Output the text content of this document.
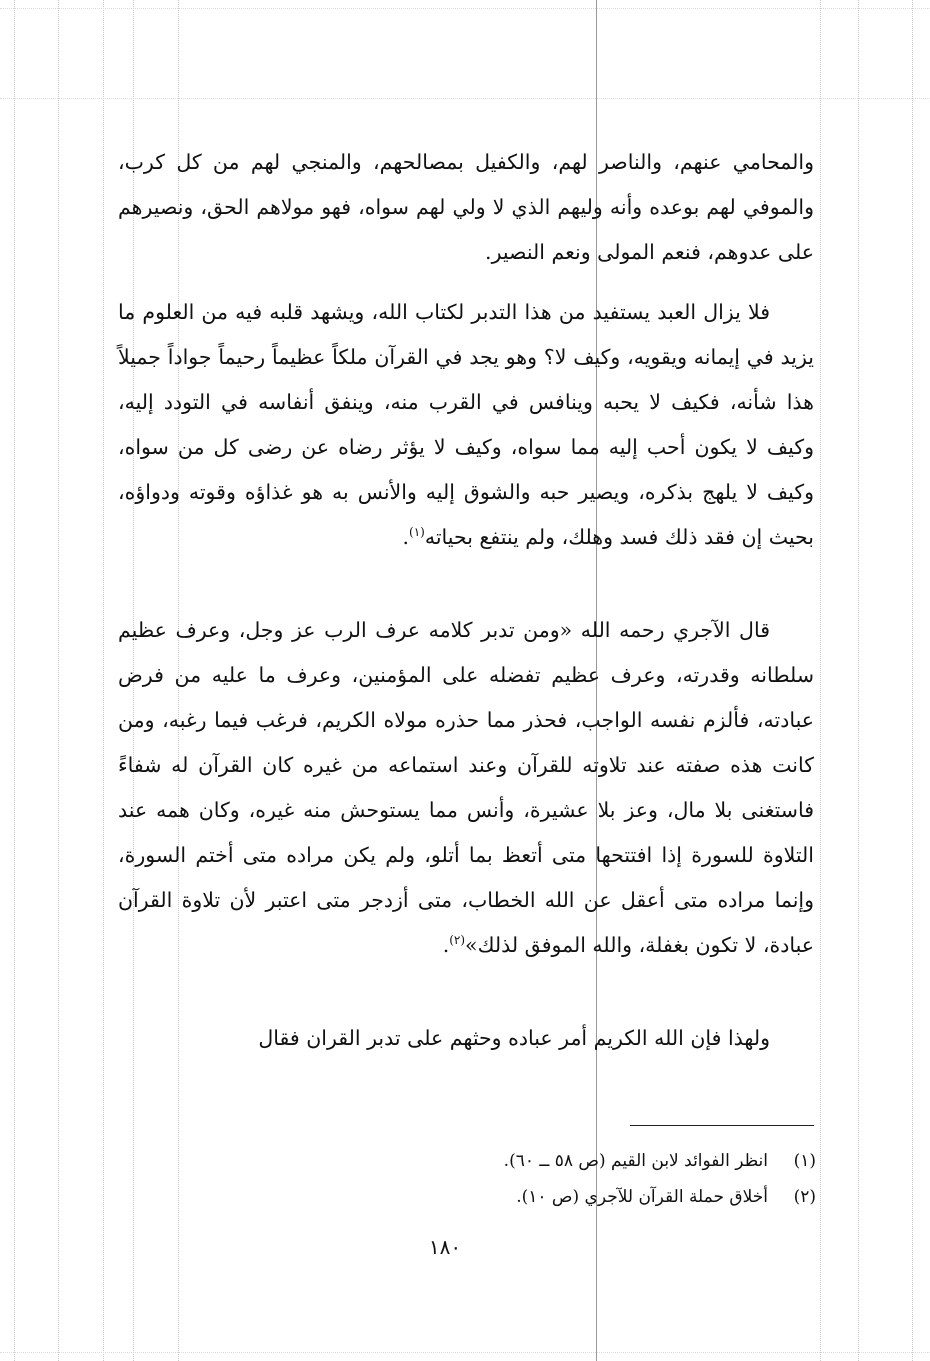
والمحامي عنهم، والناصر لهم، والكفيل بمصالحهم، والمنجي لهم من كل كرب، والموفي لهم بوعده وأنه وليهم الذي لا ولي لهم سواه، فهو مولاهم الحق، ونصيرهم على عدوهم، فنعم المولى ونعم النصير.

فلا يزال العبد يستفيد من هذا التدبر لكتاب الله، ويشهد قلبه فيه من العلوم ما يزيد في إيمانه ويقويه، وكيف لا؟ وهو يجد في القرآن ملكاً عظيماً رحيماً جواداً جميلاً هذا شأنه، فكيف لا يحبه وينافس في القرب منه، وينفق أنفاسه في التودد إليه، وكيف لا يكون أحب إليه مما سواه، وكيف لا يؤثر رضاه عن رضى كل من سواه، وكيف لا يلهج بذكره، ويصير حبه والشوق إليه والأنس به هو غذاؤه وقوته ودواؤه، بحيث إن فقد ذلك فسد وهلك، ولم ينتفع بحياته$^{(١)}$.

قال الآجري رحمه الله «ومن تدبر كلامه عرف الرب عز وجل، وعرف عظيم سلطانه وقدرته، وعرف عظيم تفضله على المؤمنين، وعرف ما عليه من فرض عبادته، فألزم نفسه الواجب، فحذر مما حذره مولاه الكريم، فرغب فيما رغبه، ومن كانت هذه صفته عند تلاوته للقرآن وعند استماعه من غيره كان القرآن له شفاءً فاستغنى بلا مال، وعز بلا عشيرة، وأنس مما يستوحش منه غيره، وكان همه عند التلاوة للسورة إذا افتتحها متى أتعظ بما أتلو، ولم يكن مراده متى أختم السورة، وإنما مراده متى أعقل عن الله الخطاب، متى أزدجر متى اعتبر لأن تلاوة القرآن عبادة، لا تكون بغفلة، والله الموفق لذلك»$^{(٢)}$.

ولهذا فإن الله الكريم أمر عباده وحثهم على تدبر القران فقال

(١)انظر الفوائد لابن القيم (ص ٥٨ ــ ٦٠).
(٢)أخلاق حملة القرآن للآجري (ص ١٠).
١٨٠
